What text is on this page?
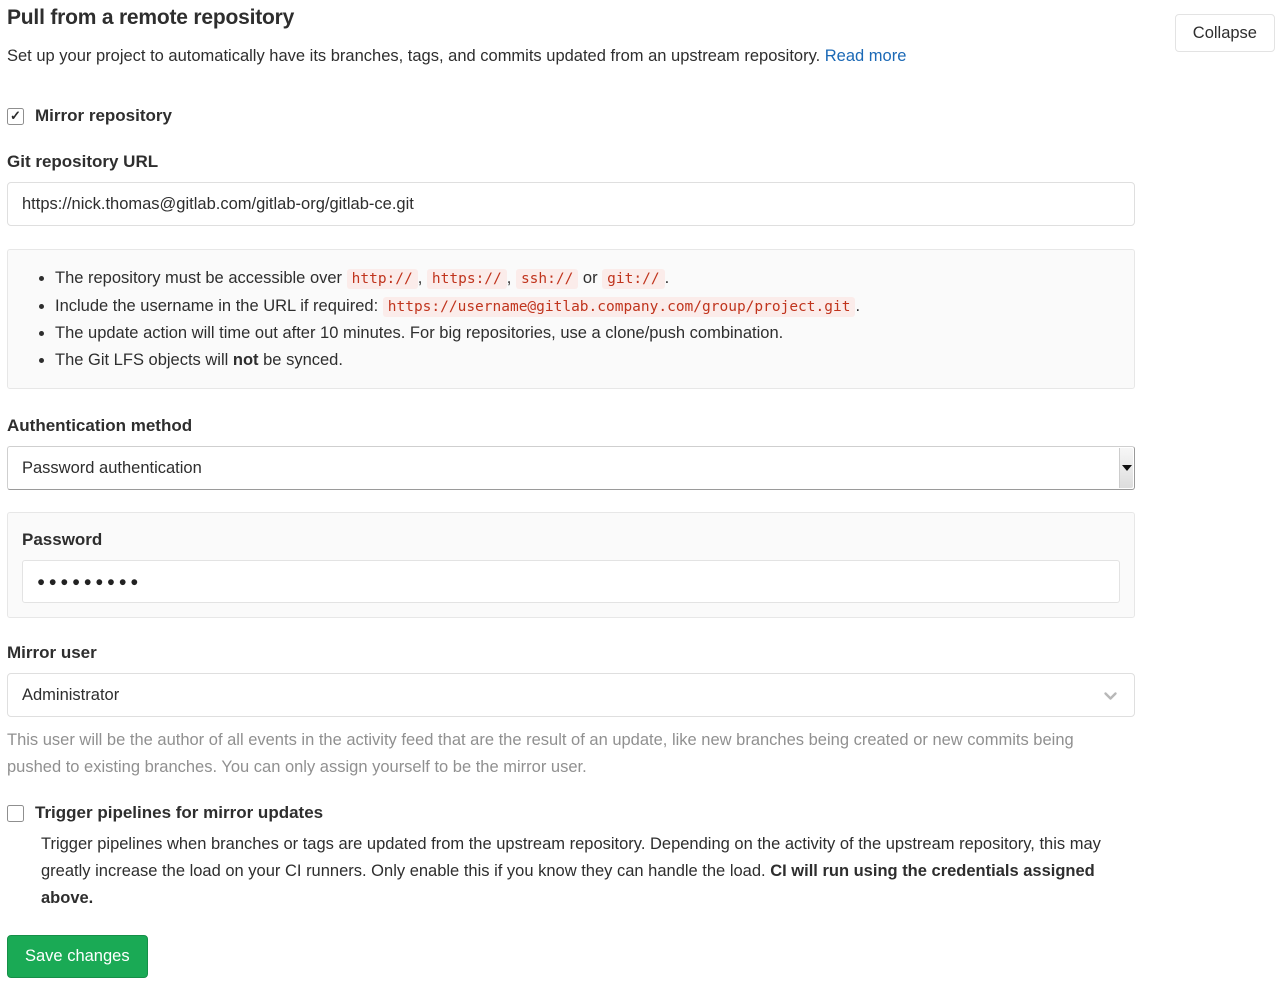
Collapse
Pull from a remote repository

Set up your project to automatically have its branches, tags, and commits updated from an upstream repository. Read more

✓ Mirror repository
Git repository URL
https://nick.thomas@gitlab.com/gitlab-org/gitlab-ce.git
• The repository must be accessible over http:// , https:// , ssh:// or git:// .
• Include the username in the URL if required: https://username@gitlab.company.com/group/project.git .
• The update action will time out after 10 minutes. For big repositories, use a clone/push combination.
• The Git LFS objects will not be synced.
Authentication method
Password authentication
Password
●●●●●●●●●
Mirror user
Administrator

This user will be the author of all events in the activity feed that are the result of an update, like new branches being created or new commits being pushed to existing branches. You can only assign yourself to be the mirror user.

Trigger pipelines for mirror updates

Trigger pipelines when branches or tags are updated from the upstream repository. Depending on the activity of the upstream repository, this may greatly increase the load on your CI runners. Only enable this if you know they can handle the load. CI will run using the credentials assigned above.

Save changes
